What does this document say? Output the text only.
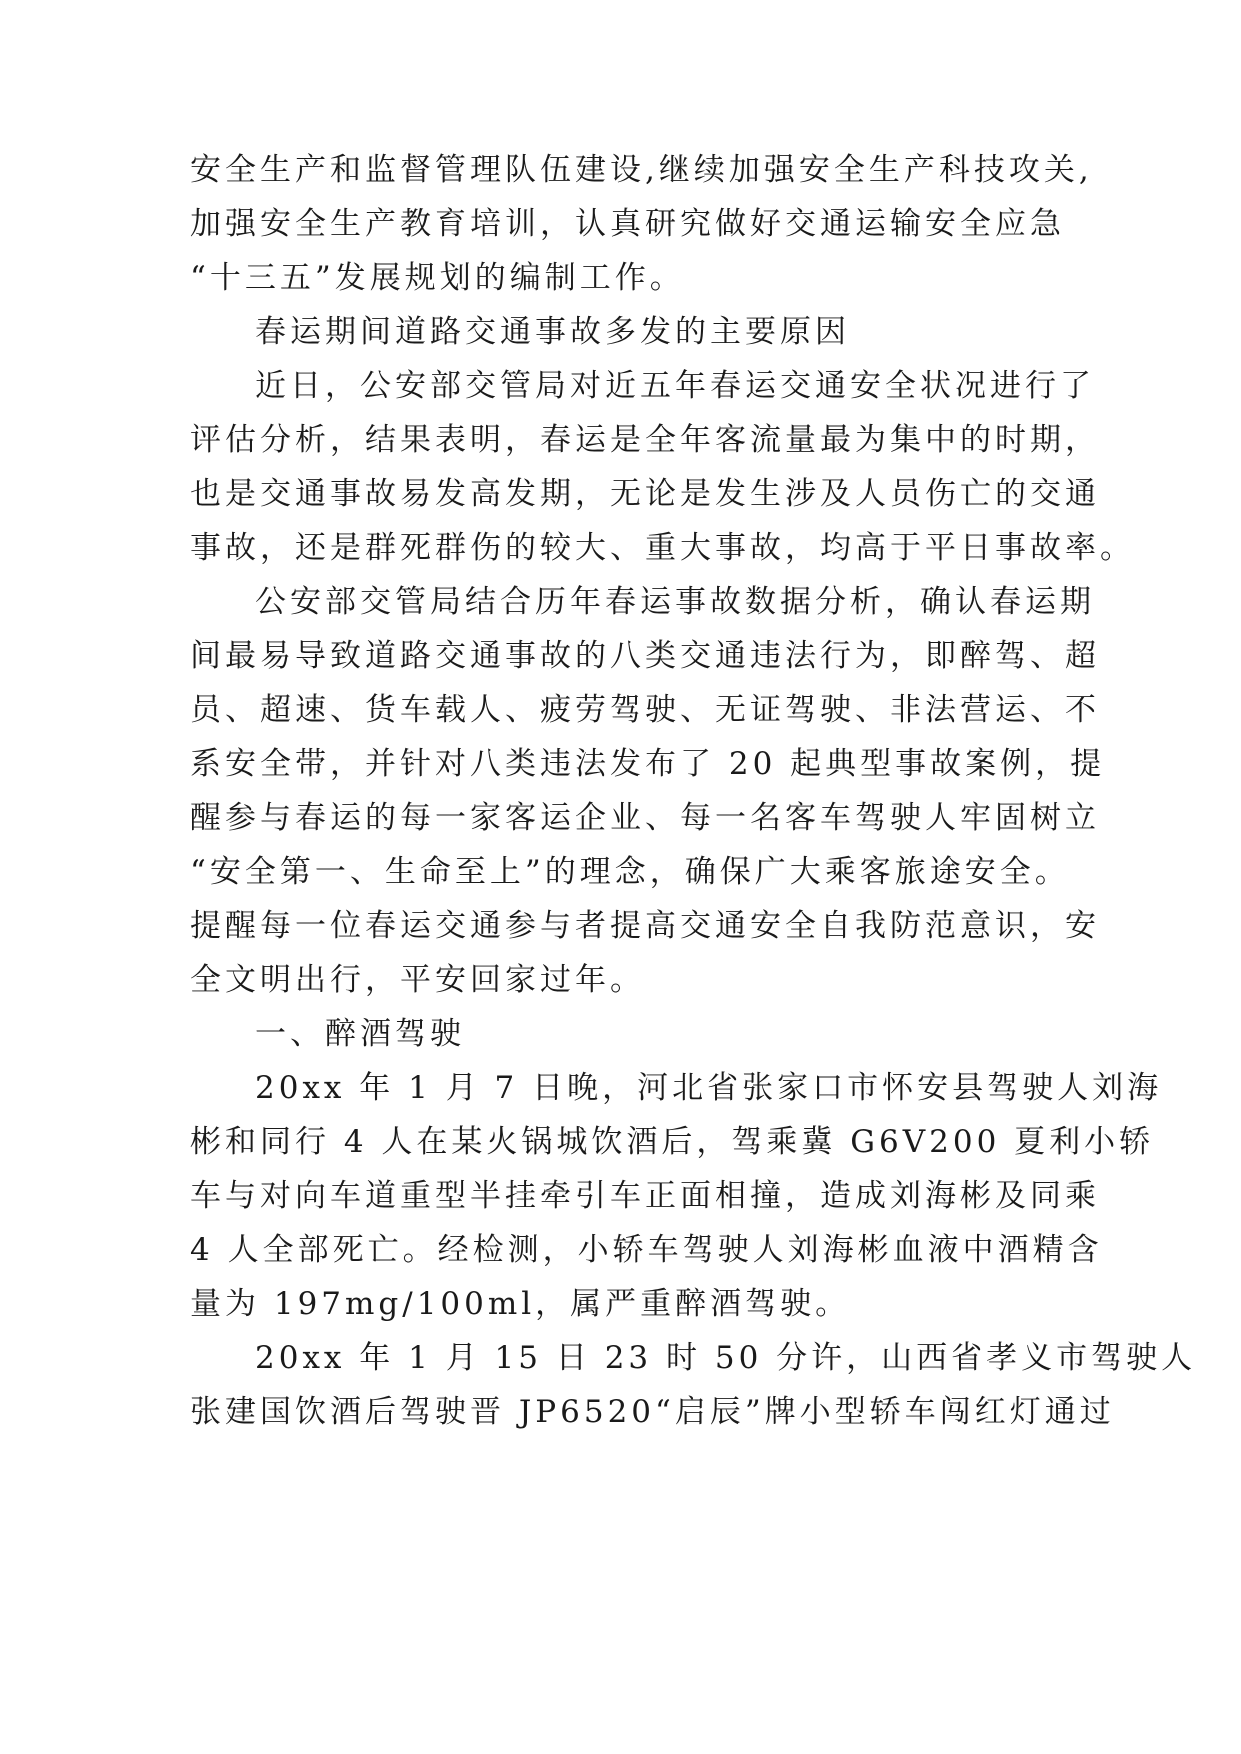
安全生产和监督管理队伍建设,继续加强安全生产科技攻关,
加强安全生产教育培训，认真研究做好交通运输安全应急
“十三五”发展规划的编制工作。
春运期间道路交通事故多发的主要原因
近日，公安部交管局对近五年春运交通安全状况进行了
评估分析，结果表明，春运是全年客流量最为集中的时期，
也是交通事故易发高发期，无论是发生涉及人员伤亡的交通
事故，还是群死群伤的较大、重大事故，均高于平日事故率。
公安部交管局结合历年春运事故数据分析，确认春运期
间最易导致道路交通事故的八类交通违法行为，即醉驾、超
员、超速、货车载人、疲劳驾驶、无证驾驶、非法营运、不
系安全带，并针对八类违法发布了 20 起典型事故案例，提
醒参与春运的每一家客运企业、每一名客车驾驶人牢固树立
“安全第一、生命至上”的理念，确保广大乘客旅途安全。
提醒每一位春运交通参与者提高交通安全自我防范意识，安
全文明出行，平安回家过年。
一、醉酒驾驶
20xx 年 1 月 7 日晚，河北省张家口市怀安县驾驶人刘海
彬和同行 4 人在某火锅城饮酒后，驾乘冀 G6V200 夏利小轿
车与对向车道重型半挂牵引车正面相撞，造成刘海彬及同乘
4 人全部死亡。经检测，小轿车驾驶人刘海彬血液中酒精含
量为 197mg/100ml，属严重醉酒驾驶。
20xx 年 1 月 15 日 23 时 50 分许，山西省孝义市驾驶人
张建国饮酒后驾驶晋 JP6520“启辰”牌小型轿车闯红灯通过
